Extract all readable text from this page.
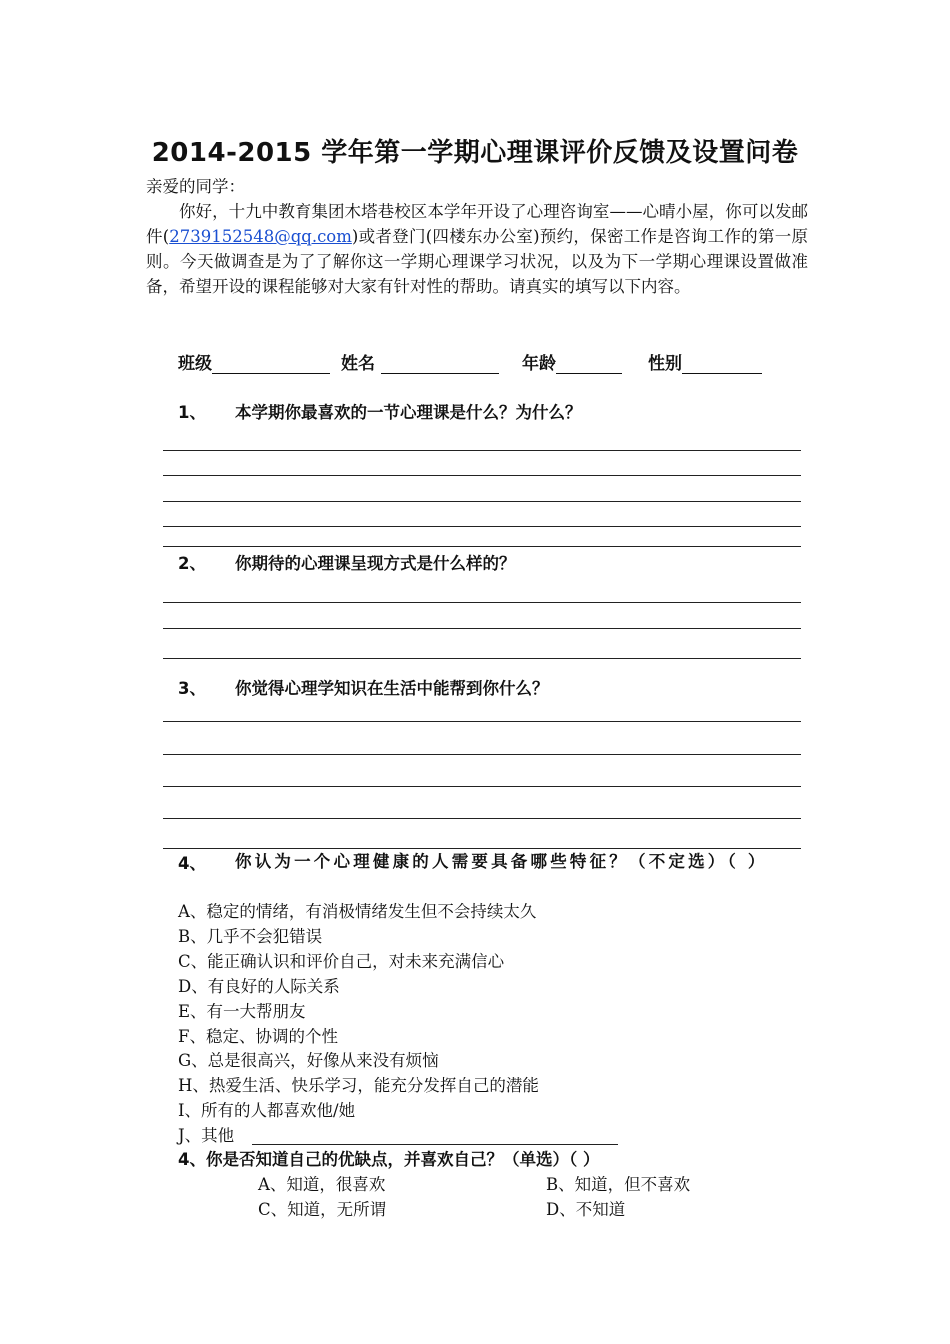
2014-2015 学年第一学期心理课评价反馈及设置问卷
亲爱的同学：
你好，十九中教育集团木塔巷校区本学年开设了心理咨询室——心晴小屋，你可以发邮件(2739152548@qq.com)或者登门(四楼东办公室)预约，保密工作是咨询工作的第一原则。今天做调查是为了了解你这一学期心理课学习状况，以及为下一学期心理课设置做准备，希望开设的课程能够对大家有针对性的帮助。请真实的填写以下内容。
班级	姓名	年龄	性别
1、 本学期你最喜欢的一节心理课是什么？为什么？
2、 你期待的心理课呈现方式是什么样的？
3、 你觉得心理学知识在生活中能帮到你什么？
4、 你认为一个心理健康的人需要具备哪些特征？（不定选）（ ）
A、稳定的情绪，有消极情绪发生但不会持续太久
B、几乎不会犯错误
C、能正确认识和评价自己，对未来充满信心
D、有良好的人际关系
E、有一大帮朋友
F、稳定、协调的个性
G、总是很高兴，好像从来没有烦恼
H、热爱生活、快乐学习，能充分发挥自己的潜能
I、所有的人都喜欢他/她
J、其他
4、你是否知道自己的优缺点，并喜欢自己？（单选）（ ）
A、知道，很喜欢	B、知道，但不喜欢
C、知道，无所谓	D、不知道
